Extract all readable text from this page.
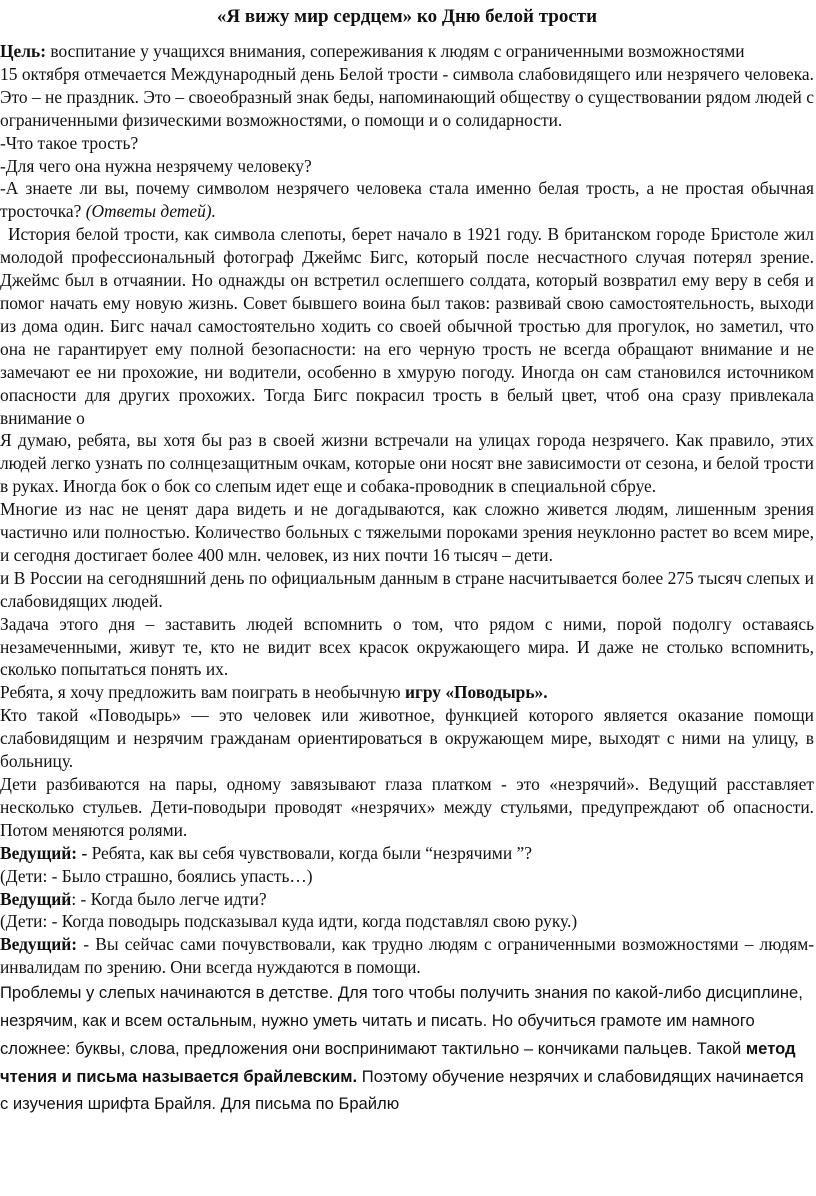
«Я вижу мир сердцем» ко Дню белой трости

Цель: воспитание у учащихся внимания, сопереживания к людям с ограниченными возможностями

15 октября отмечается Международный день Белой трости - символа слабовидящего или незрячего человека. Это – не праздник. Это – своеобразный знак беды, напоминающий обществу о существовании рядом людей с ограниченными физическими возможностями, о помощи и о солидарности.

-Что такое трость?

-Для чего она нужна незрячему человеку?

-А знаете ли вы, почему символом незрячего человека стала именно белая трость, а не простая обычная тросточка? (Ответы детей).

История белой трости, как символа слепоты, берет начало в 1921 году. В британском городе Бристоле жил молодой профессиональный фотограф Джеймс Бигс, который после несчастного случая потерял зрение. Джеймс был в отчаянии. Но однажды он встретил ослепшего солдата, который возвратил ему веру в себя и помог начать ему новую жизнь. Совет бывшего воина был таков: развивай свою самостоятельность, выходи из дома один. Бигс начал самостоятельно ходить со своей обычной тростью для прогулок, но заметил, что она не гарантирует ему полной безопасности: на его черную трость не всегда обращают внимание и не замечают ее ни прохожие, ни водители, особенно в хмурую погоду. Иногда он сам становился источником опасности для других прохожих. Тогда Бигс покрасил трость в белый цвет, чтоб она сразу привлекала внимание о

Я думаю, ребята, вы хотя бы раз в своей жизни встречали на улицах города незрячего. Как правило, этих людей легко узнать по солнцезащитным очкам, которые они носят вне зависимости от сезона, и белой трости в руках. Иногда бок о бок со слепым идет еще и собака-проводник в специальной сбруе.

Многие из нас не ценят дара видеть и не догадываются, как сложно живется людям, лишенным зрения частично или полностью. Количество больных с тяжелыми пороками зрения неуклонно растет во всем мире, и сегодня достигает более 400 млн. человек, из них почти 16 тысяч – дети.

и В России на сегодняшний день по официальным данным в стране насчитывается более 275 тысяч слепых и слабовидящих людей.

Задача этого дня – заставить людей вспомнить о том, что рядом с ними, порой подолгу оставаясь незамеченными, живут те, кто не видит всех красок окружающего мира. И даже не столько вспомнить, сколько попытаться понять их.

Ребята, я хочу предложить вам поиграть в необычную игру «Поводырь».

Кто такой «Поводырь» — это человек или животное, функцией которого является оказание помощи слабовидящим и незрячим гражданам ориентироваться в окружающем мире, выходят с ними на улицу, в больницу.

Дети разбиваются на пары, одному завязывают глаза платком - это «незрячий». Ведущий расставляет несколько стульев. Дети-поводыри проводят «незрячих» между стульями, предупреждают об опасности. Потом меняются ролями.

Ведущий: - Ребята, как вы себя чувствовали, когда были “незрячими ”?

(Дети: - Было страшно, боялись упасть…)

Ведущий: - Когда было легче идти?

(Дети: - Когда поводырь подсказывал куда идти, когда подставлял свою руку.)

Ведущий: - Вы сейчас сами почувствовали, как трудно людям с ограниченными возможностями – людям-инвалидам по зрению. Они всегда нуждаются в помощи.

Проблемы у слепых начинаются в детстве. Для того чтобы получить знания по какой-либо дисциплине, незрячим, как и всем остальным, нужно уметь читать и писать. Но обучиться грамоте им намного сложнее: буквы, слова, предложения они воспринимают тактильно – кончиками пальцев. Такой метод чтения и письма называется брайлевским. Поэтому обучение незрячих и слабовидящих начинается с изучения шрифта Брайля. Для письма по Брайлю
